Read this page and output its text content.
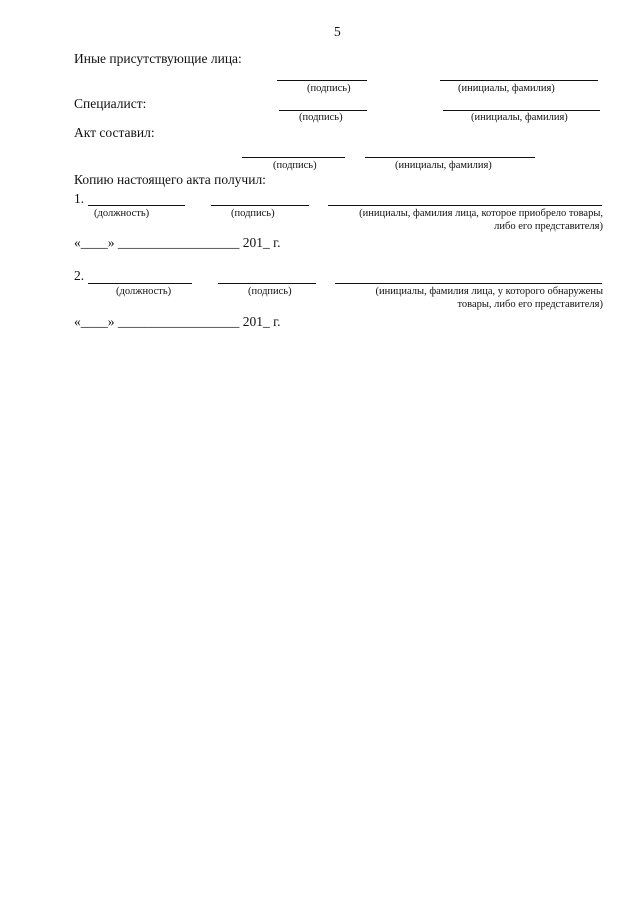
5
Иные присутствующие лица:
(подпись)	(инициалы, фамилия)
Специалист:
(подпись)	(инициалы, фамилия)
Акт составил:
(подпись)	(инициалы, фамилия)
Копию настоящего акта получил:
1.
(должность)	(подпись)	(инициалы, фамилия лица, которое приобрело товары,
либо его представителя)
«____» __________________ 201_ г.
2.
(должность)	(подпись)	(инициалы, фамилия лица, у которого обнаружены
товары, либо его представителя)
«____» __________________ 201_ г.
